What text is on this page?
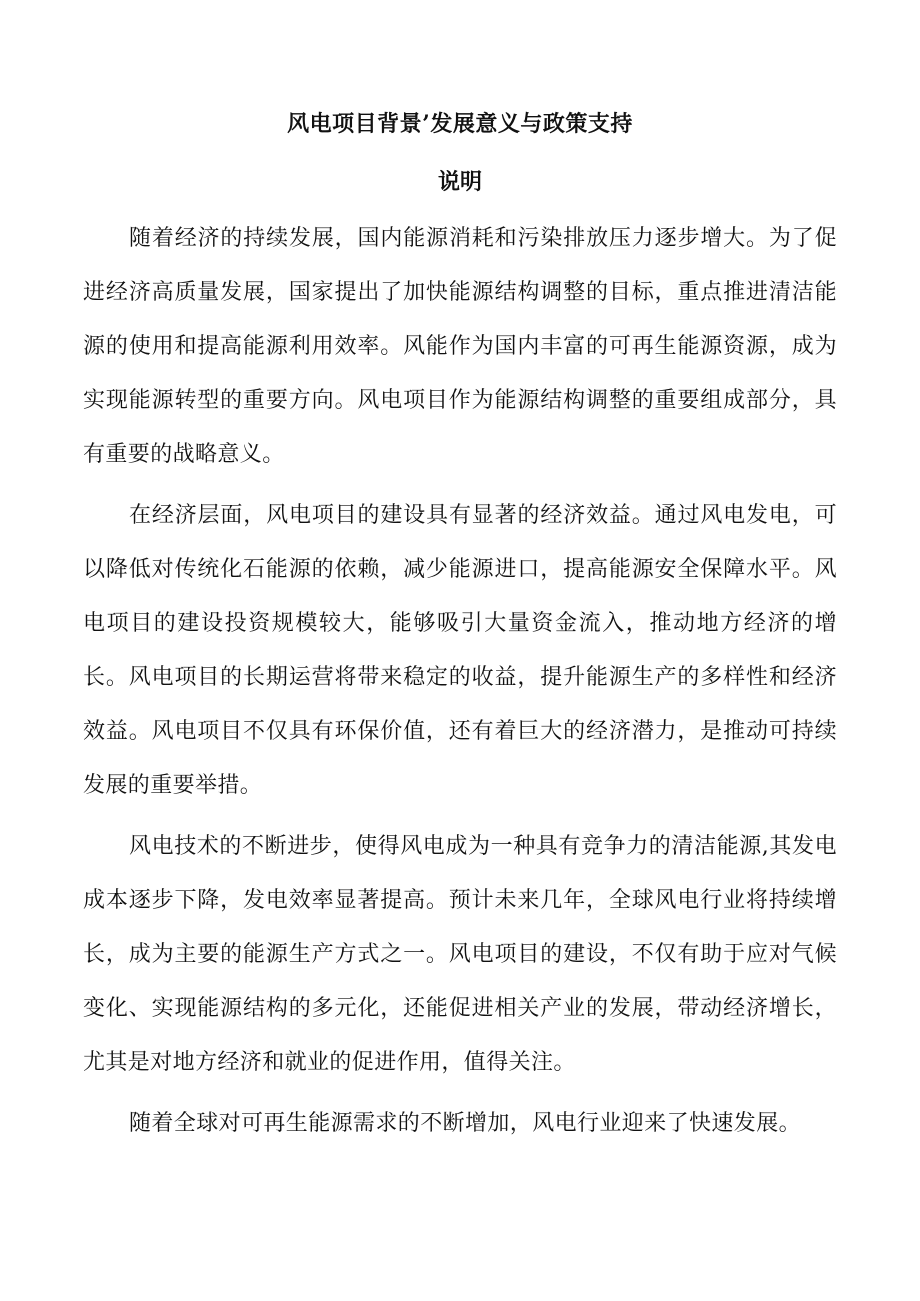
风电项目背景’发展意义与政策支持
说明

随着经济的持续发展，国内能源消耗和污染排放压力逐步增大。为了促进经济高质量发展，国家提出了加快能源结构调整的目标，重点推进清洁能源的使用和提高能源利用效率。风能作为国内丰富的可再生能源资源，成为实现能源转型的重要方向。风电项目作为能源结构调整的重要组成部分，具有重要的战略意义。

在经济层面，风电项目的建设具有显著的经济效益。通过风电发电，可以降低对传统化石能源的依赖，减少能源进口，提高能源安全保障水平。风电项目的建设投资规模较大，能够吸引大量资金流入，推动地方经济的增长。风电项目的长期运营将带来稳定的收益，提升能源生产的多样性和经济效益。风电项目不仅具有环保价值，还有着巨大的经济潜力，是推动可持续发展的重要举措。

风电技术的不断进步，使得风电成为一种具有竞争力的清洁能源,其发电成本逐步下降，发电效率显著提高。预计未来几年，全球风电行业将持续增长，成为主要的能源生产方式之一。风电项目的建设，不仅有助于应对气候变化、实现能源结构的多元化，还能促进相关产业的发展，带动经济增长，尤其是对地方经济和就业的促进作用，值得关注。

随着全球对可再生能源需求的不断增加，风电行业迎来了快速发展。
